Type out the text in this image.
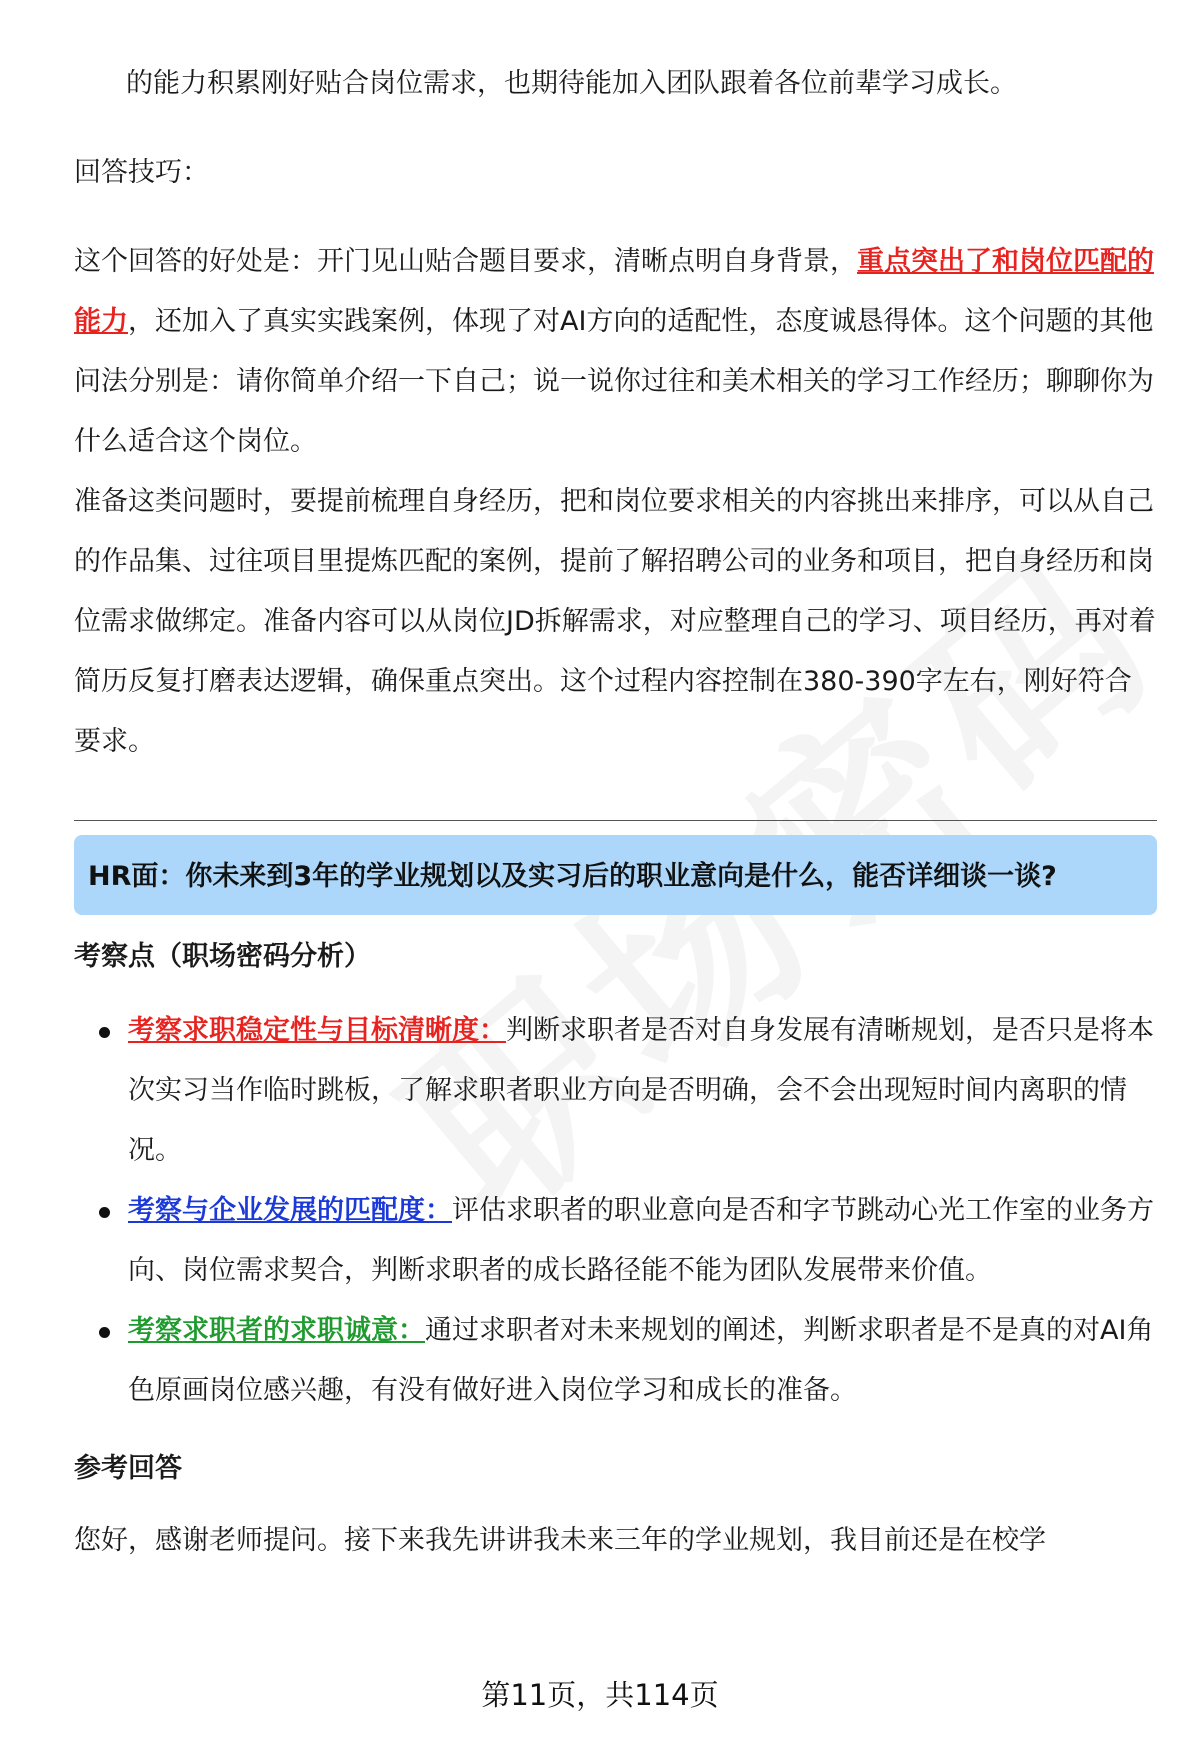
的能力积累刚好贴合岗位需求，也期待能加入团队跟着各位前辈学习成长。

回答技巧：

这个回答的好处是：开门见山贴合题目要求，清晰点明自身背景，重点突出了和岗位匹配的能力，还加入了真实实践案例，体现了对AI方向的适配性，态度诚恳得体。这个问题的其他问法分别是：请你简单介绍一下自己；说一说你过往和美术相关的学习工作经历；聊聊你为什么适合这个岗位。

准备这类问题时，要提前梳理自身经历，把和岗位要求相关的内容挑出来排序，可以从自己的作品集、过往项目里提炼匹配的案例，提前了解招聘公司的业务和项目，把自身经历和岗位需求做绑定。准备内容可以从岗位JD拆解需求，对应整理自己的学习、项目经历，再对着简历反复打磨表达逻辑，确保重点突出。这个过程内容控制在380-390字左右，刚好符合要求。

HR面：你未来到3年的学业规划以及实习后的职业意向是什么，能否详细谈一谈?
考察点（职场密码分析）
考察求职稳定性与目标清晰度：判断求职者是否对自身发展有清晰规划，是否只是将本次实习当作临时跳板，了解求职者职业方向是否明确，会不会出现短时间内离职的情况。
考察与企业发展的匹配度：评估求职者的职业意向是否和字节跳动心光工作室的业务方向、岗位需求契合，判断求职者的成长路径能不能为团队发展带来价值。
考察求职者的求职诚意：通过求职者对未来规划的阐述，判断求职者是不是真的对AI角色原画岗位感兴趣，有没有做好进入岗位学习和成长的准备。
参考回答

您好，感谢老师提问。接下来我先讲讲我未来三年的学业规划，我目前还是在校学

第11页，共114页
